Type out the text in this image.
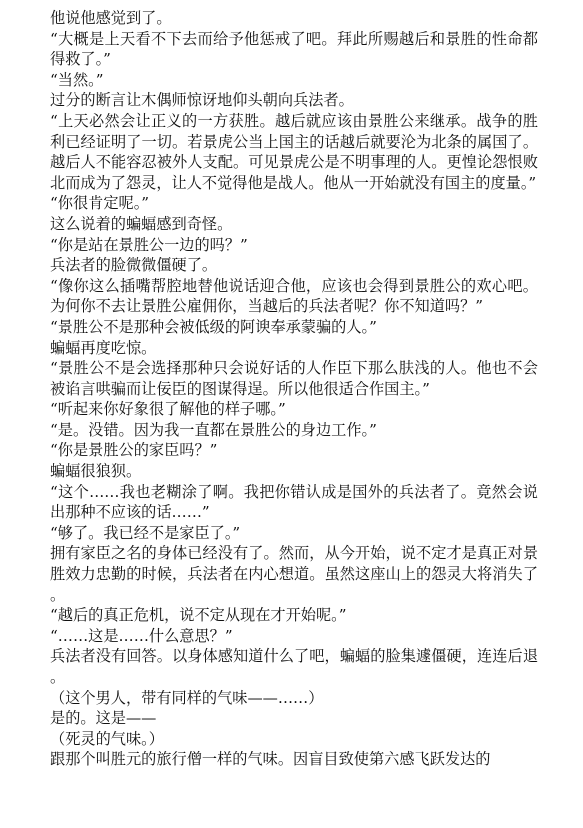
他说他感觉到了。

“大概是上天看不下去而给予他惩戒了吧。拜此所赐越后和景胜的性命都得救了。”

“当然。”

过分的断言让木偶师惊讶地仰头朝向兵法者。

“上天必然会让正义的一方获胜。越后就应该由景胜公来继承。战争的胜利已经证明了一切。若景虎公当上国主的话越后就要沦为北条的属国了。越后人不能容忍被外人支配。可见景虎公是不明事理的人。更惶论怨恨败北而成为了怨灵，让人不觉得他是战人。他从一开始就没有国主的度量。”

“你很肯定呢。”

这么说着的蝙蝠感到奇怪。

“你是站在景胜公一边的吗？”

兵法者的脸微微僵硬了。

“像你这么插嘴帮腔地替他说话迎合他，应该也会得到景胜公的欢心吧。为何你不去让景胜公雇佣你，当越后的兵法者呢？你不知道吗？”

“景胜公不是那种会被低级的阿谀奉承蒙骗的人。”

蝙蝠再度吃惊。

“景胜公不是会选择那种只会说好话的人作臣下那么肤浅的人。他也不会被谄言哄骗而让佞臣的图谋得逞。所以他很适合作国主。”

“听起来你好象很了解他的样子哪。”

“是。没错。因为我一直都在景胜公的身边工作。”

“你是景胜公的家臣吗？”

蝙蝠很狼狈。

“这个……我也老糊涂了啊。我把你错认成是国外的兵法者了。竟然会说出那种不应该的话……”

“够了。我已经不是家臣了。”

拥有家臣之名的身体已经没有了。然而，从今开始，说不定才是真正对景胜效力忠勤的时候，兵法者在内心想道。虽然这座山上的怨灵大将消失了。

“越后的真正危机，说不定从现在才开始呢。”

“……这是……什么意思？”

兵法者没有回答。以身体感知道什么了吧，蝙蝠的脸集遽僵硬，连连后退。

（这个男人，带有同样的气味——……）

是的。这是——

（死灵的气味。）

跟那个叫胜元的旅行僧一样的气味。因盲目致使第六感飞跃发达的
